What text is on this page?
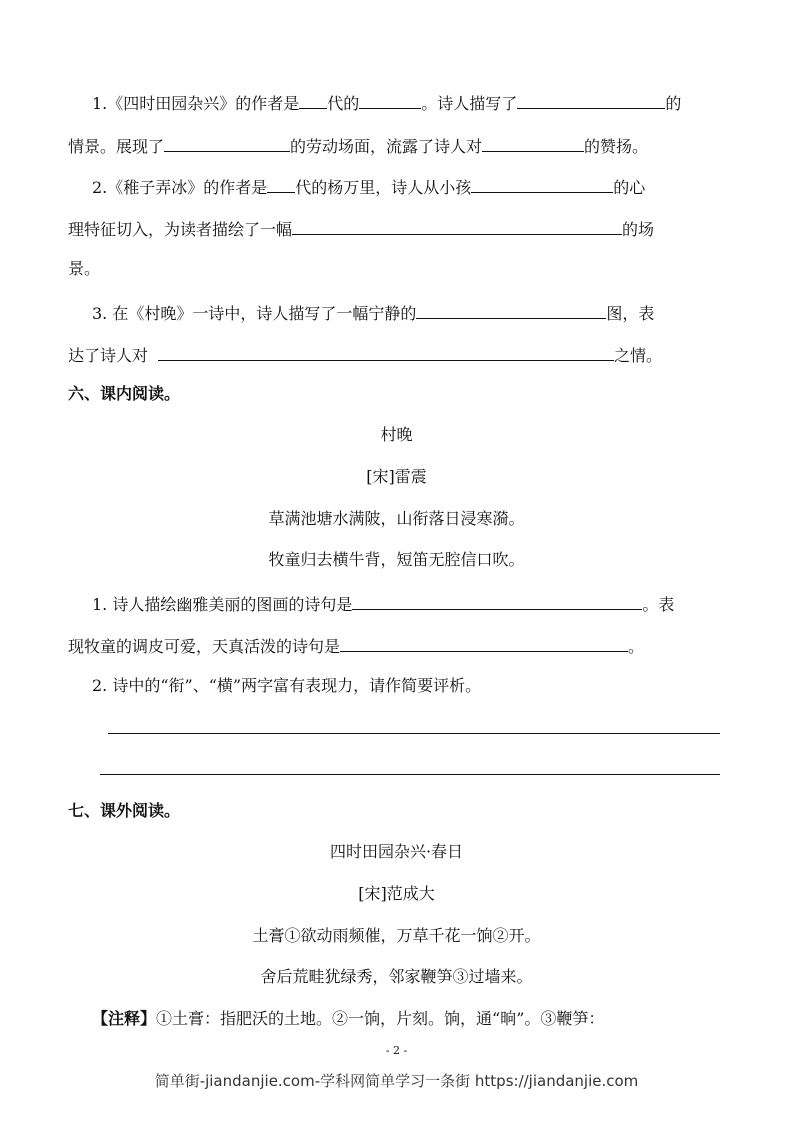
1.《四时田园杂兴》的作者是 代的	。诗人描写了	的
情景。展现了	的劳动场面，流露了诗人对	的赞扬。
2.《稚子弄冰》的作者是 代的杨万里，诗人从小孩	的心
理特征切入，为读者描绘了一幅	的场
景。
3. 在《村晚》一诗中，诗人描写了一幅宁静的	图，表
达了诗人对	之情。
六、课内阅读。
村晚
[宋]雷震
草满池塘水满陂，山衔落日浸寒漪。
牧童归去横牛背，短笛无腔信口吹。
1. 诗人描绘幽雅美丽的图画的诗句是	。表
现牧童的调皮可爱，天真活泼的诗句是	。
2. 诗中的“衔”、“横”两字富有表现力，请作简要评析。
七、课外阅读。
四时田园杂兴·春日
[宋]范成大
土膏①欲动雨频催，万草千花一饷②开。
舍后荒畦犹绿秀，邻家鞭笋③过墙来。
【注释】①土膏：指肥沃的土地。②一饷，片刻。饷，通“晌”。③鞭笋：
- 2 -
简单街-jiandanjie.com-学科网简单学习一条街 https://jiandanjie.com
